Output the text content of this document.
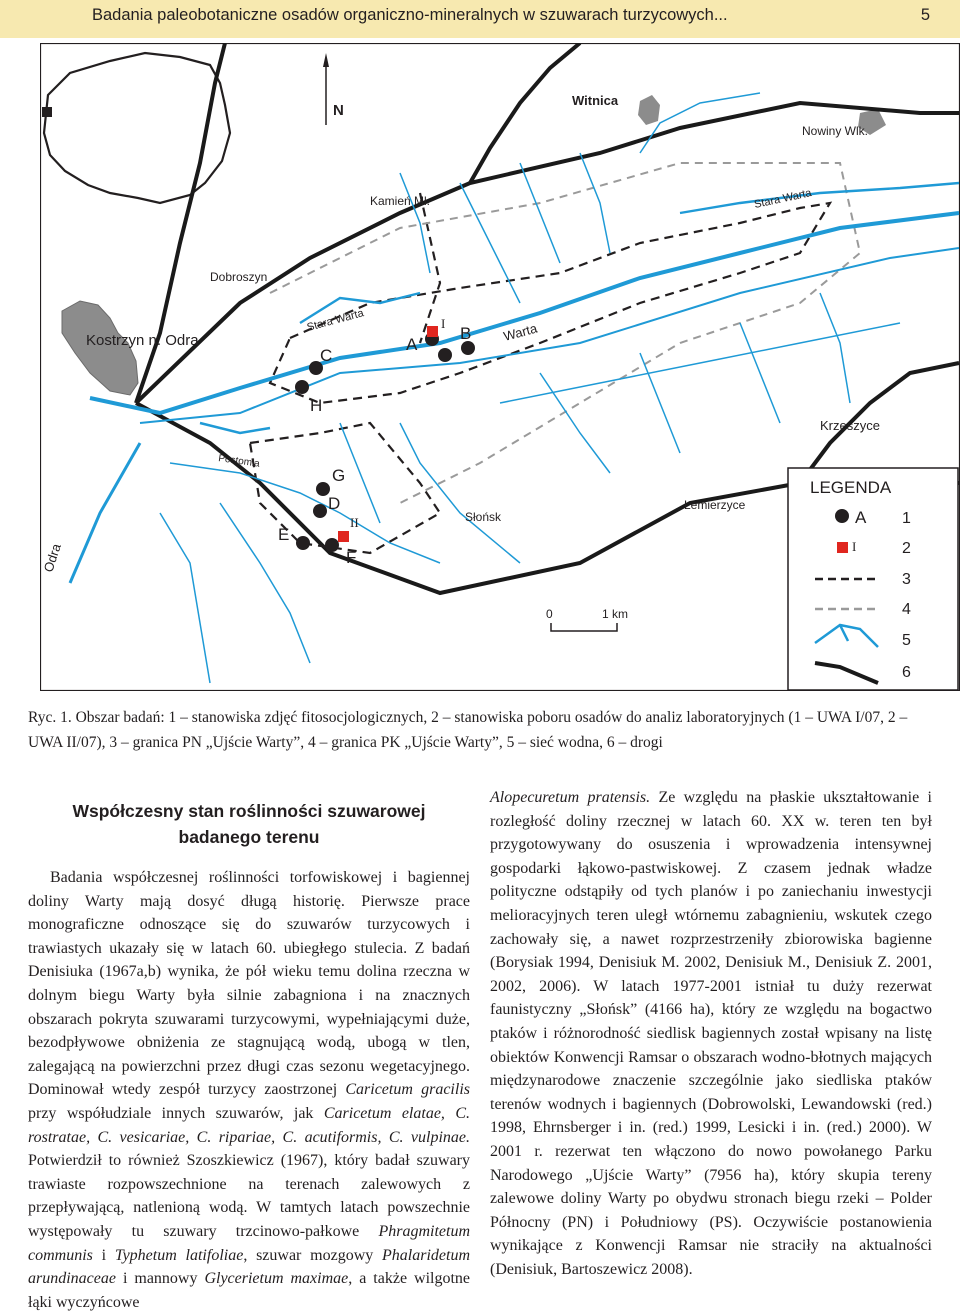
Badania paleobotaniczne osadów organiczno-mineralnych w szuwarach turzycowych...	5
N
Witnica
Nowiny Wlk.
Kamień Ml.	Stara Warta
Dobroszyn
Stara Warta
Kostrzyn n. Odra	Warta
Krzeszyce
Postomia
Słońsk
Lemierzyce
Odra
A
I
B
C
H
G
D
E
II
F
0	1 km
LEGENDA
A
I
1
2
3
4
5
6
Ryc. 1. Obszar badań: 1 – stanowiska zdjęć fitosocjologicznych, 2 – stanowiska poboru osadów do analiz laboratoryjnych (1 – UWA I/07, 2 – UWA II/07), 3 – granica PN „Ujście Warty”, 4 – granica PK „Ujście Warty”, 5 – sieć wodna, 6 – drogi
Współczesny stan roślinności szuwarowej
badanego terenu

Badania współczesnej roślinności torfowiskowej i bagiennej doliny Warty mają dosyć długą historię. Pierwsze prace monograficzne odnoszące się do szuwarów turzycowych i trawiastych ukazały się w latach 60. ubiegłego stulecia. Z badań Denisiuka (1967a,b) wynika, że pół wieku temu dolina rzeczna w dolnym biegu Warty była silnie zabagniona i na znacznych obszarach pokryta szuwarami turzycowymi, wypełniającymi duże, bezodpływowe obniżenia ze stagnującą wodą, ubogą w tlen, zalegającą na powierzchni przez długi czas sezonu wegetacyjnego. Dominował wtedy zespół turzycy zaostrzonej Caricetum gracilis przy współudziale innych szuwarów, jak Caricetum elatae, C. rostratae, C. vesicariae, C. ripariae, C. acutiformis, C. vulpinae. Potwierdził to również Szoszkiewicz (1967), który badał szuwary trawiaste rozpowszechnione na terenach zalewowych z przepływającą, natlenioną wodą. W tamtych latach powszechnie występowały tu szuwary trzcinowo-pałkowe Phragmitetum communis i Typhetum latifoliae, szuwar mozgowy Phalaridetum arundinaceae i mannowy Glycerietum maximae, a także wilgotne łąki wyczyńcowe

Alopecuretum pratensis. Ze względu na płaskie ukształtowanie i rozległość doliny rzecznej w latach 60. XX w. teren ten był przygotowywany do osuszenia i wprowadzenia intensywnej gospodarki łąkowo-pastwiskowej. Z czasem jednak władze polityczne odstąpiły od tych planów i po zaniechaniu inwestycji melioracyjnych teren uległ wtórnemu zabagnieniu, wskutek czego zachowały się, a nawet rozprzestrzeniły zbiorowiska bagienne (Borysiak 1994, Denisiuk M. 2002, Denisiuk M., Denisiuk Z. 2001, 2002, 2006). W latach 1977-2001 istniał tu duży rezerwat faunistyczny „Słońsk” (4166 ha), który ze względu na bogactwo ptaków i różnorodność siedlisk bagiennych został wpisany na listę obiektów Konwencji Ramsar o obszarach wodno-błotnych mających międzynarodowe znaczenie szczególnie jako siedliska ptaków terenów wodnych i bagiennych (Dobrowolski, Lewandowski (red.) 1998, Ehrnsberger i in. (red.) 1999, Lesicki i in. (red.) 2000). W 2001 r. rezerwat ten włączono do nowo powołanego Parku Narodowego „Ujście Warty” (7956 ha), który skupia tereny zalewowe doliny Warty po obydwu stronach biegu rzeki – Polder Północny (PN) i Południowy (PS). Oczywiście postanowienia wynikające z Konwencji Ramsar nie straciły na aktualności (Denisiuk, Bartoszewicz 2008).
